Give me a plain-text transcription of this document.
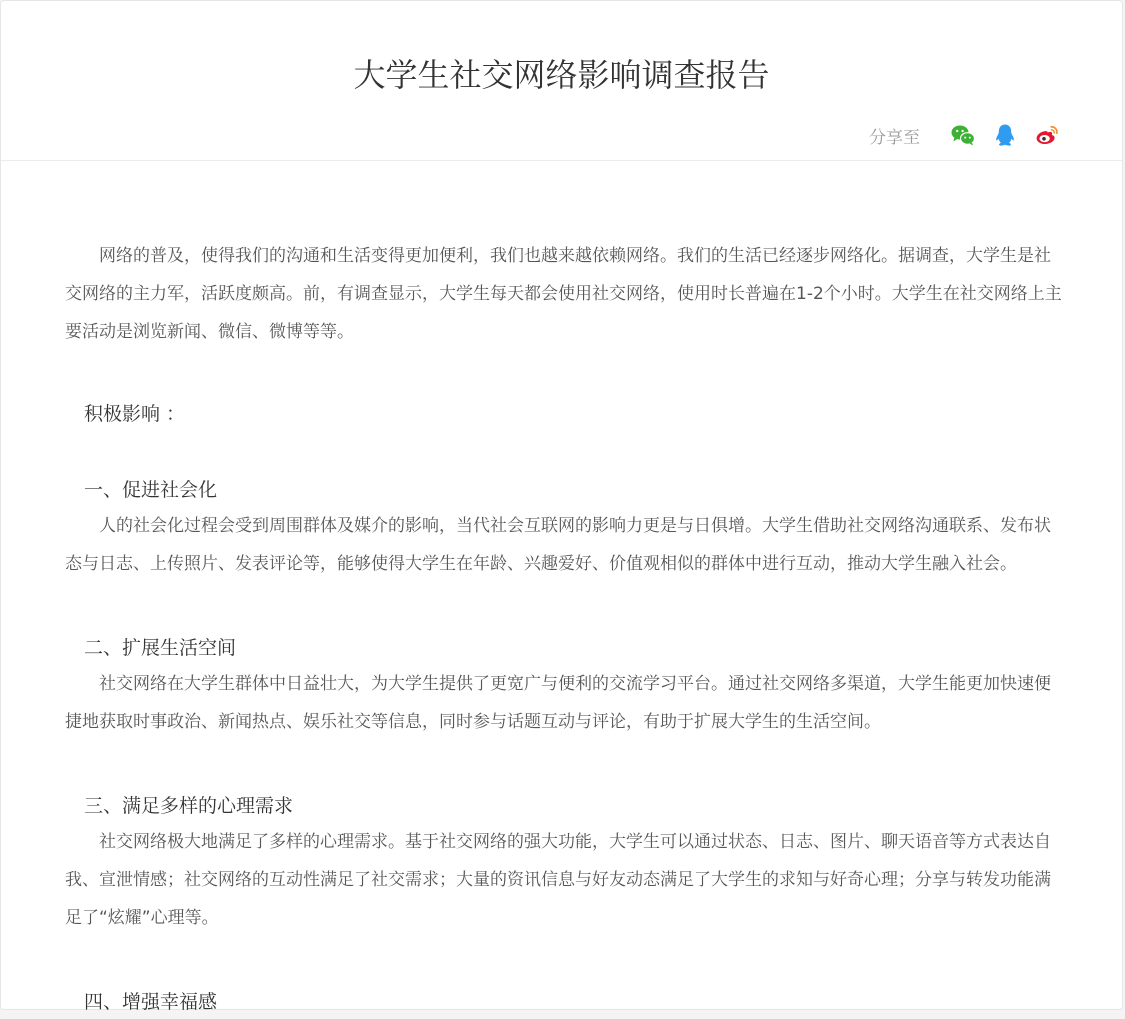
大学生社交网络影响调查报告
分享至

网络的普及，使得我们的沟通和生活变得更加便利，我们也越来越依赖网络。我们的生活已经逐步网络化。据调查，大学生是社交网络的主力军，活跃度颇高。前，有调查显示，大学生每天都会使用社交网络，使用时长普遍在1-2个小时。大学生在社交网络上主要活动是浏览新闻、微信、微博等等。

积极影响 ：

一、促进社会化

人的社会化过程会受到周围群体及媒介的影响，当代社会互联网的影响力更是与日俱增。大学生借助社交网络沟通联系、发布状态与日志、上传照片、发表评论等，能够使得大学生在年龄、兴趣爱好、价值观相似的群体中进行互动，推动大学生融入社会。

二、扩展生活空间

社交网络在大学生群体中日益壮大，为大学生提供了更宽广与便利的交流学习平台。通过社交网络多渠道，大学生能更加快速便捷地获取时事政治、新闻热点、娱乐社交等信息，同时参与话题互动与评论，有助于扩展大学生的生活空间。

三、满足多样的心理需求

社交网络极大地满足了多样的心理需求。基于社交网络的强大功能，大学生可以通过状态、日志、图片、聊天语音等方式表达自我、宣泄情感；社交网络的互动性满足了社交需求；大量的资讯信息与好友动态满足了大学生的求知与好奇心理；分享与转发功能满足了“炫耀”心理等。

四、增强幸福感
